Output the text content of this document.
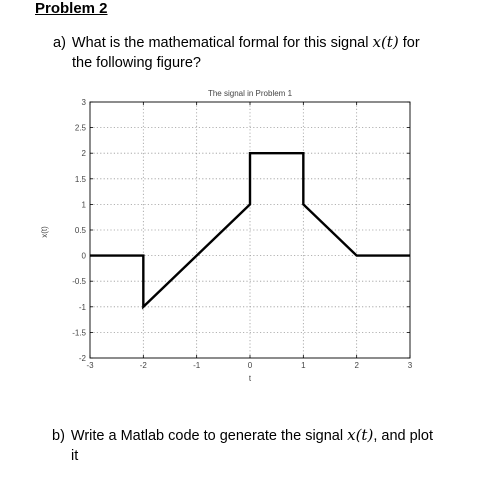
Problem 2

a) What is the mathematical formal for this signal x(t) for
the following figure?

-3	-2	-1	0	1	2	3
-2
-1.5
-1
-0.5
0
0.5
1
1.5
2
2.5
3
The signal in Problem 1
t
x(t)

b) Write a Matlab code to generate the signal x(t), and plot
it
